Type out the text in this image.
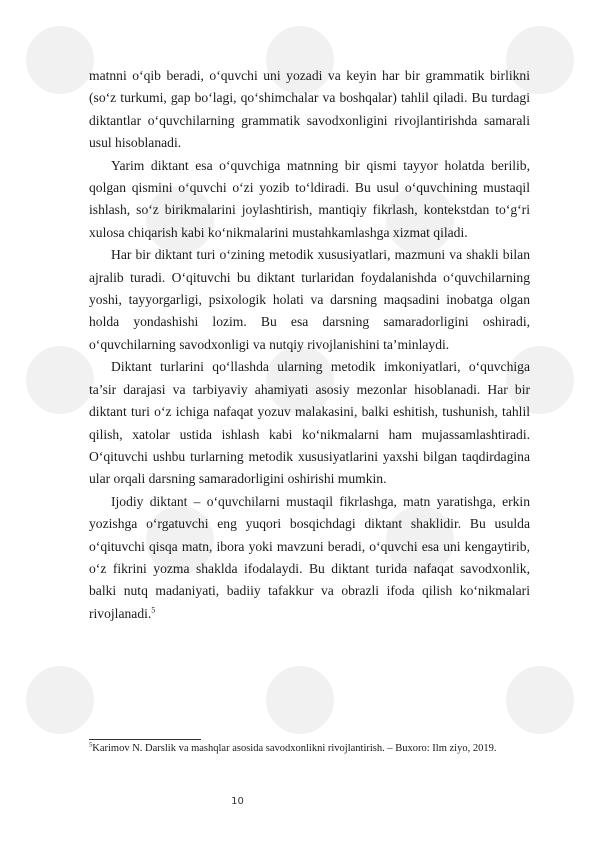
matnni o‘qib beradi, o‘quvchi uni yozadi va keyin har bir grammatik birlikni (so‘z turkumi, gap bo‘lagi, qo‘shimchalar va boshqalar) tahlil qiladi. Bu turdagi diktantlar o‘quvchilarning grammatik savodxonligini rivojlantirishda samarali usul hisoblanadi.

Yarim diktant esa o‘quvchiga matnning bir qismi tayyor holatda berilib, qolgan qismini o‘quvchi o‘zi yozib to‘ldiradi. Bu usul o‘quvchining mustaqil ishlash, so‘z birikmalarini joylashtirish, mantiqiy fikrlash, kontekstdan to‘g‘ri xulosa chiqarish kabi ko‘nikmalarini mustahkamlashga xizmat qiladi.

Har bir diktant turi o‘zining metodik xususiyatlari, mazmuni va shakli bilan ajralib turadi. O‘qituvchi bu diktant turlaridan foydalanishda o‘quvchilarning yoshi, tayyorgarligi, psixologik holati va darsning maqsadini inobatga olgan holda yondashishi lozim. Bu esa darsning samaradorligini oshiradi, o‘quvchilarning savodxonligi va nutqiy rivojlanishini ta’minlaydi.

Diktant turlarini qo‘llashda ularning metodik imkoniyatlari, o‘quvchiga ta’sir darajasi va tarbiyaviy ahamiyati asosiy mezonlar hisoblanadi. Har bir diktant turi o‘z ichiga nafaqat yozuv malakasini, balki eshitish, tushunish, tahlil qilish, xatolar ustida ishlash kabi ko‘nikmalarni ham mujassamlashtiradi. O‘qituvchi ushbu turlarning metodik xususiyatlarini yaxshi bilgan taqdirdagina ular orqali darsning samaradorligini oshirishi mumkin.

Ijodiy diktant – o‘quvchilarni mustaqil fikrlashga, matn yaratishga, erkin yozishga o‘rgatuvchi eng yuqori bosqichdagi diktant shaklidir. Bu usulda o‘qituvchi qisqa matn, ibora yoki mavzuni beradi, o‘quvchi esa uni kengaytirib, o‘z fikrini yozma shaklda ifodalaydi. Bu diktant turida nafaqat savodxonlik, balki nutq madaniyati, badiiy tafakkur va obrazli ifoda qilish ko‘nikmalari rivojlanadi.$^5$

$^5$Karimov N. Darslik va mashqlar asosida savodxonlikni rivojlantirish. – Buxoro: Ilm ziyo, 2019.
10
